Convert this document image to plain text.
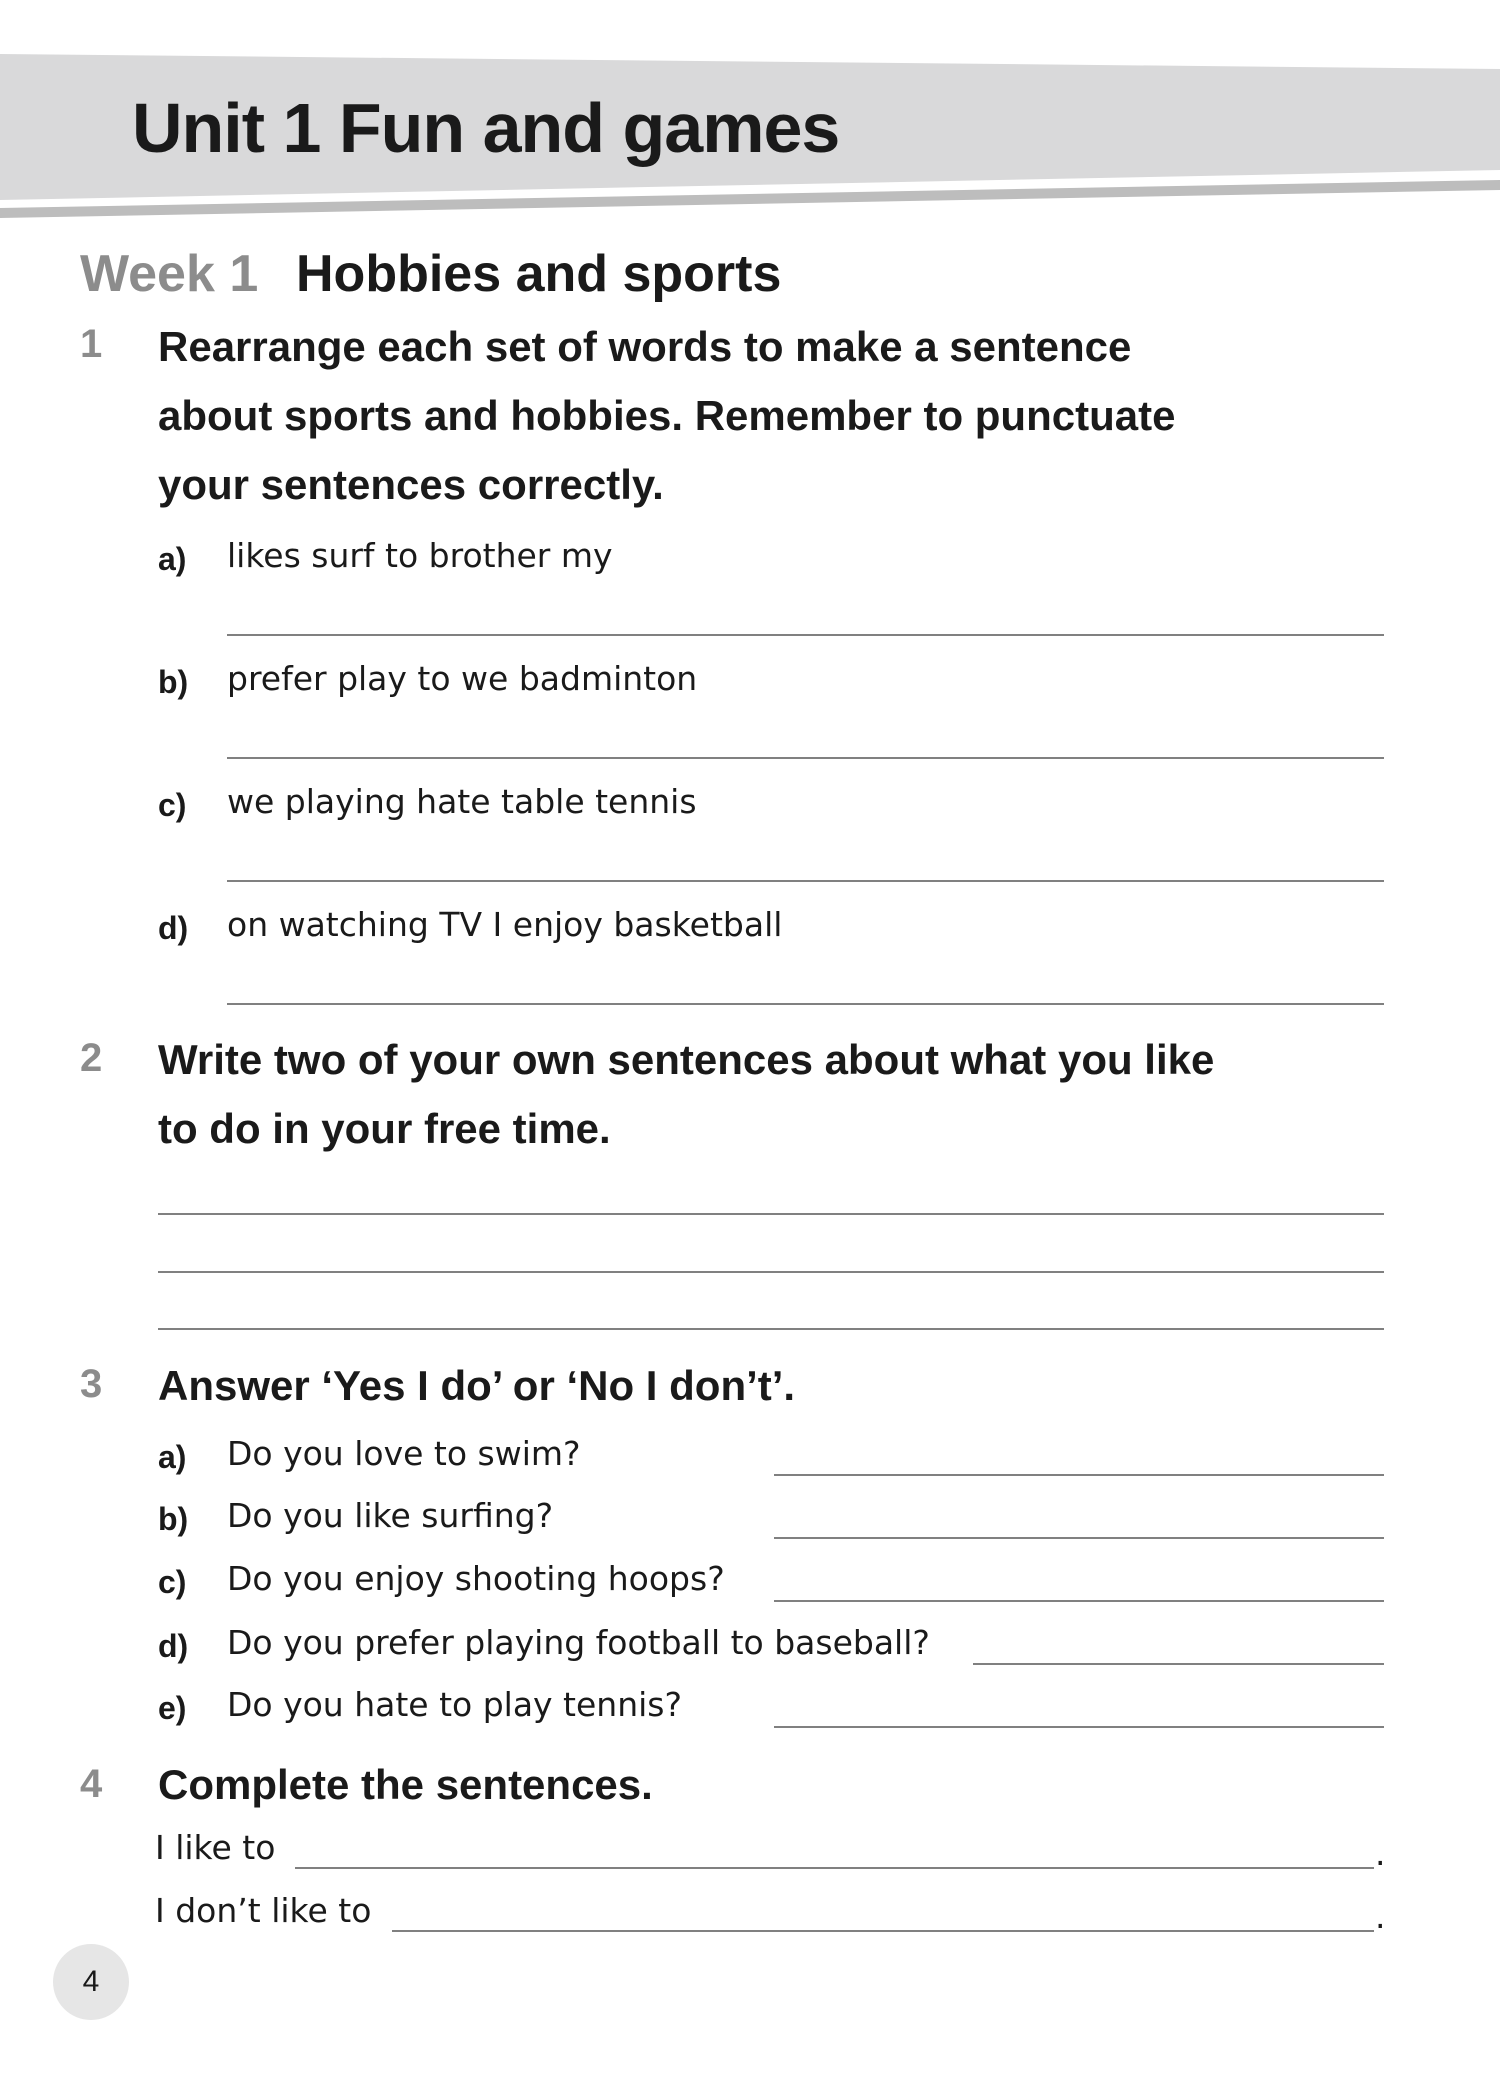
Unit 1 Fun and games
Week 1 Hobbies and sports
1 Rearrange each set of words to make a sentence
about sports and hobbies. Remember to punctuate
your sentences correctly.
a) likes surf to brother my
b) prefer play to we badminton
c) we playing hate table tennis
d) on watching TV I enjoy basketball
2 Write two of your own sentences about what you like
to do in your free time.
3 Answer ‘Yes I do’ or ‘No I don’t’.
a) Do you love to swim?
b) Do you like surfing?
c) Do you enjoy shooting hoops?
d) Do you prefer playing football to baseball?
e) Do you hate to play tennis?
4 Complete the sentences.
I like to	.
I don’t like to	.
4
